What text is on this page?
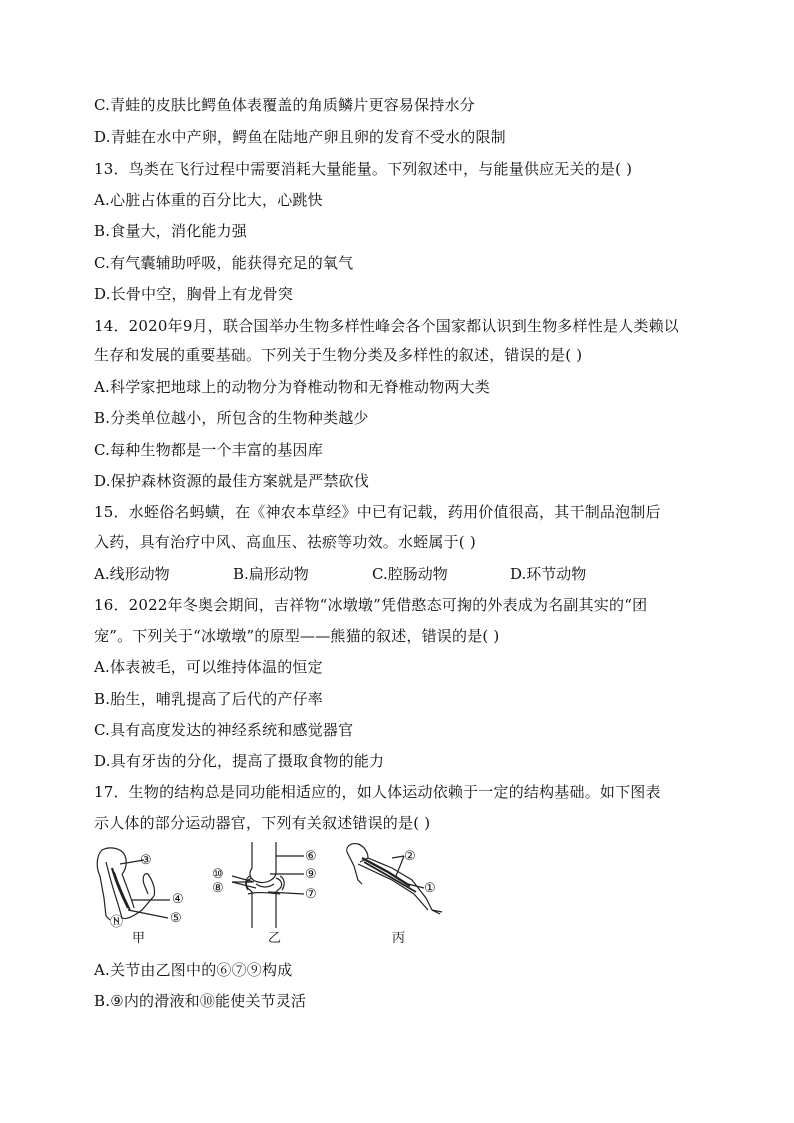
C.青蛙的皮肤比鳄鱼体表覆盖的角质鳞片更容易保持水分
D.青蛙在水中产卵，鳄鱼在陆地产卵且卵的发育不受水的限制
13．鸟类在飞行过程中需要消耗大量能量。下列叙述中，与能量供应无关的是( )
A.心脏占体重的百分比大，心跳快
B.食量大，消化能力强
C.有气囊辅助呼吸，能获得充足的氧气
D.长骨中空，胸骨上有龙骨突
14．2020年9月，联合国举办生物多样性峰会各个国家都认识到生物多样性是人类赖以
生存和发展的重要基础。下列关于生物分类及多样性的叙述，错误的是( )
A.科学家把地球上的动物分为脊椎动物和无脊椎动物两大类
B.分类单位越小，所包含的生物种类越少
C.每种生物都是一个丰富的基因库
D.保护森林资源的最佳方案就是严禁砍伐
15．水蛭俗名蚂蟥，在《神农本草经》中已有记载，药用价值很高，其干制品泡制后
入药，具有治疗中风、高血压、祛瘀等功效。水蛭属于( )
A.线形动物	B.扁形动物	C.腔肠动物	D.环节动物
16．2022年冬奥会期间，吉祥物“冰墩墩”凭借憨态可掬的外表成为名副其实的“团
宠”。下列关于“冰墩墩”的原型——熊猫的叙述，错误的是( )
A.体表被毛，可以维持体温的恒定
B.胎生，哺乳提高了后代的产仔率
C.具有高度发达的神经系统和感觉器官
D.具有牙齿的分化，提高了摄取食物的能力
17．生物的结构总是同功能相适应的，如人体运动依赖于一定的结构基础。如下图表
示人体的部分运动器官，下列有关叙述错误的是( )
③
④
⑤
⑪
⑩
⑧
⑥
⑨
⑦
②
①
甲	乙	丙
A.关节由乙图中的⑥⑦⑨构成
B.⑨内的滑液和⑩能使关节灵活
